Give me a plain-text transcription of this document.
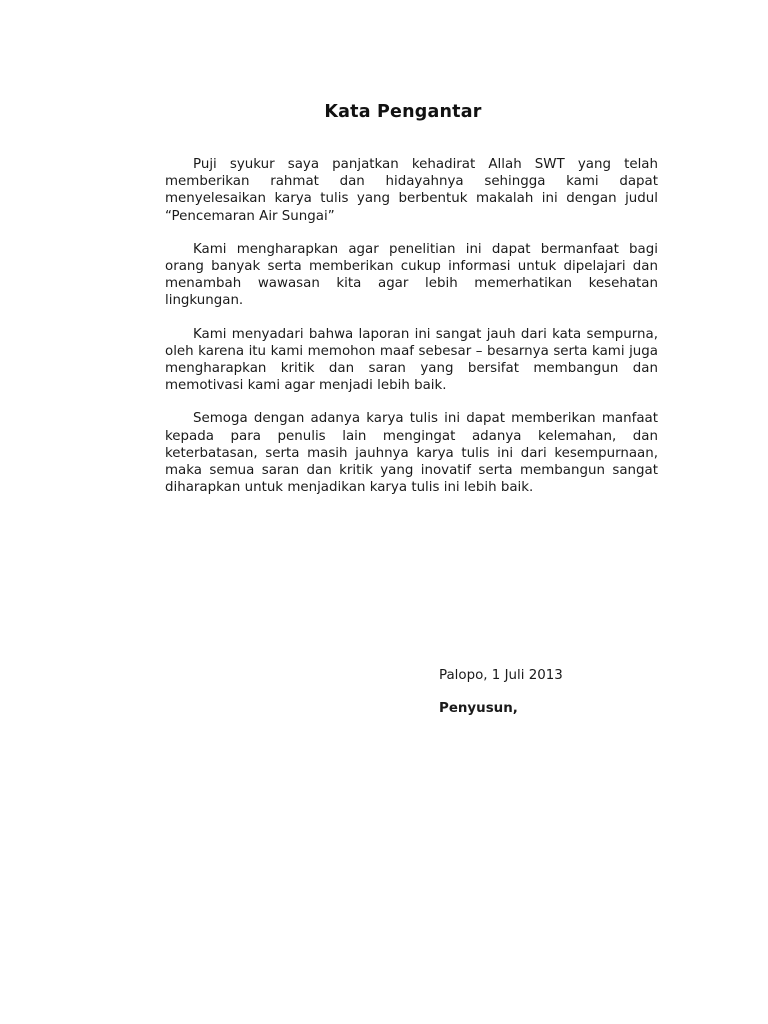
Kata Pengantar

Puji syukur saya panjatkan kehadirat Allah SWT yang telah memberikan rahmat dan hidayahnya sehingga kami dapat menyelesaikan karya tulis yang berbentuk makalah ini dengan judul “Pencemaran Air Sungai”

Kami mengharapkan agar penelitian ini dapat bermanfaat bagi orang banyak serta memberikan cukup informasi untuk dipelajari dan menambah wawasan kita agar lebih memerhatikan kesehatan lingkungan.

Kami menyadari bahwa laporan ini sangat jauh dari kata sempurna, oleh karena itu kami memohon maaf sebesar – besarnya serta kami juga mengharapkan kritik dan saran yang bersifat membangun dan memotivasi kami agar menjadi lebih baik.

Semoga dengan adanya karya tulis ini dapat memberikan manfaat kepada para penulis lain mengingat adanya kelemahan, dan keterbatasan, serta masih jauhnya karya tulis ini dari kesempurnaan, maka semua saran dan kritik yang inovatif serta membangun sangat diharapkan untuk menjadikan karya tulis ini lebih baik.

Palopo, 1 Juli 2013

Penyusun,
